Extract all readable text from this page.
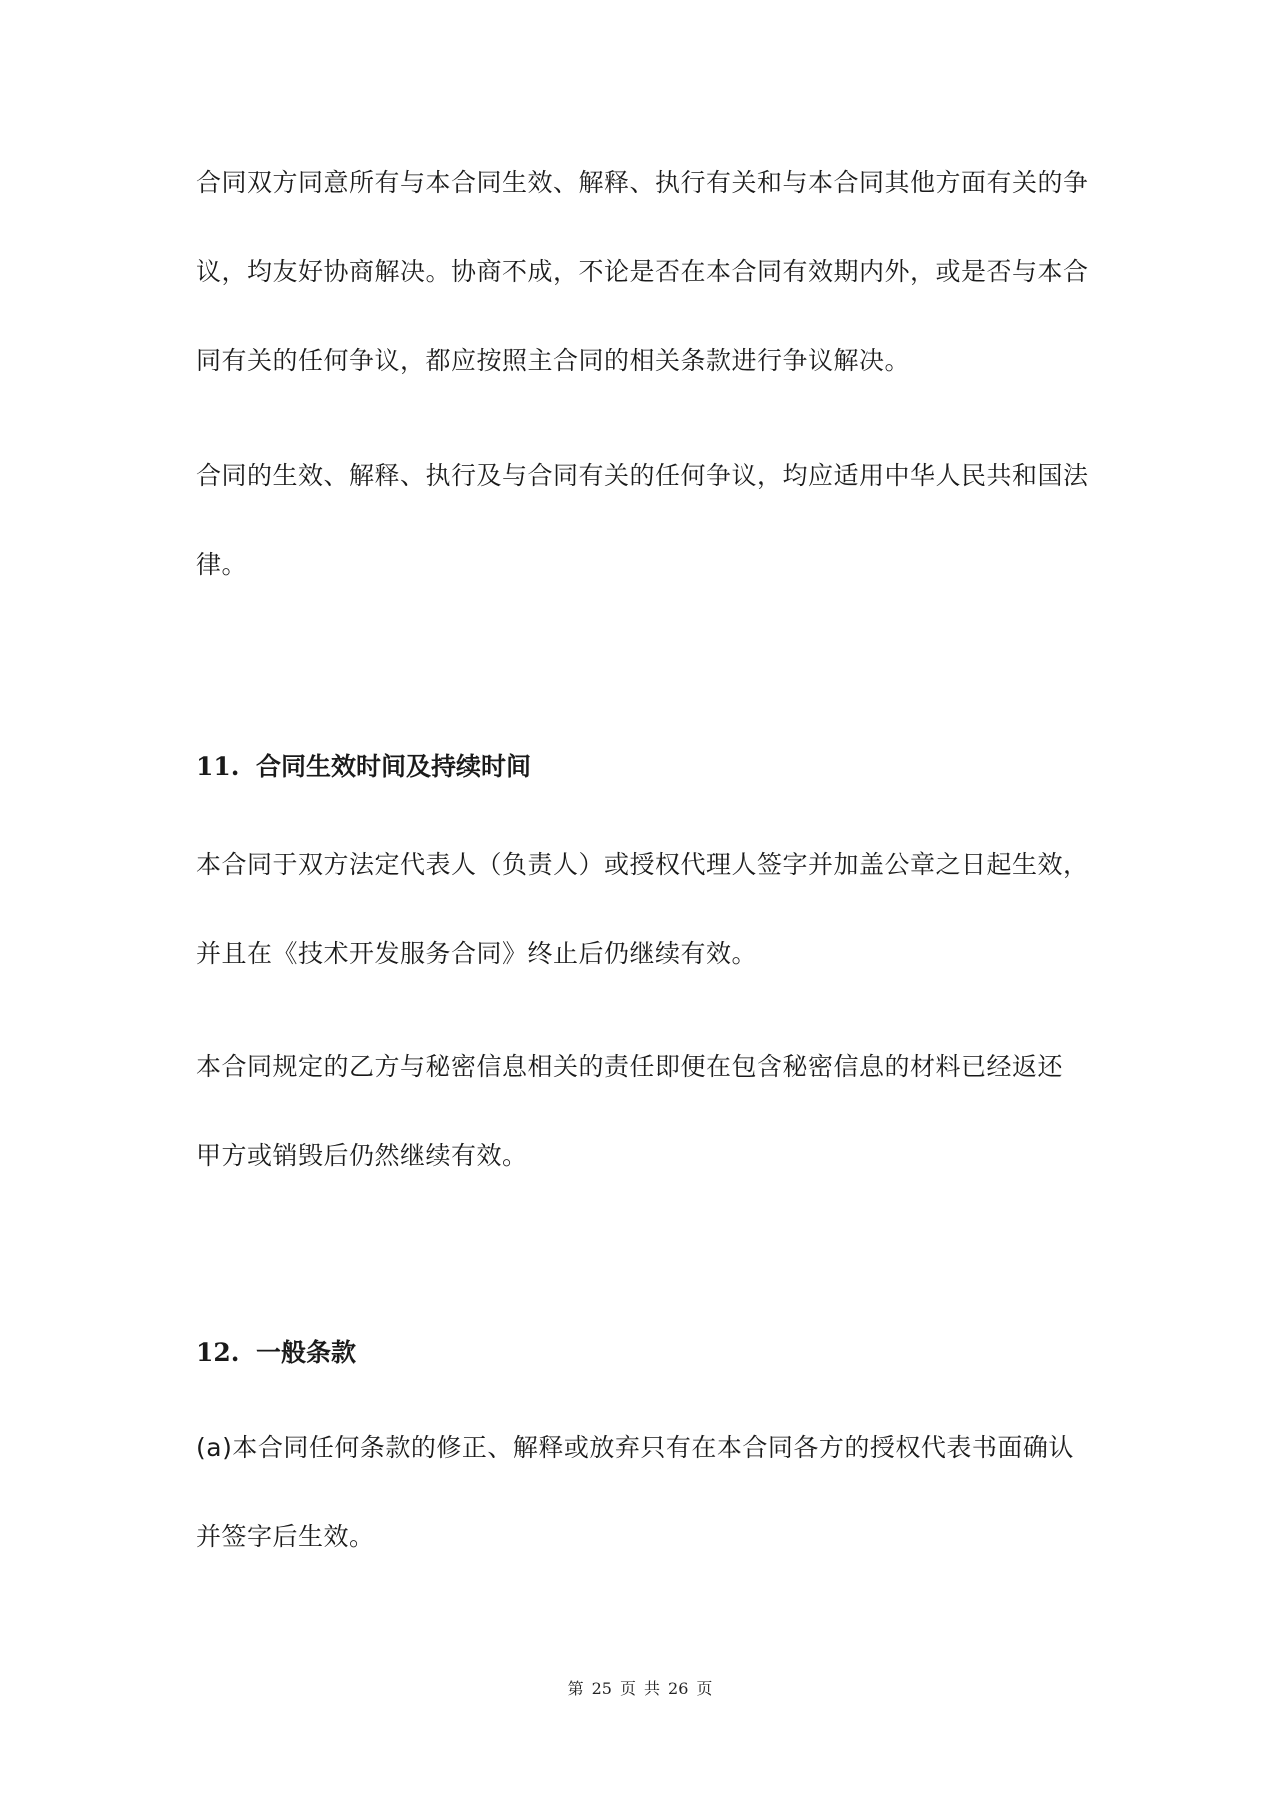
合同双方同意所有与本合同生效、解释、执行有关和与本合同其他方面有关的争
议，均友好协商解决。协商不成，不论是否在本合同有效期内外，或是否与本合
同有关的任何争议，都应按照主合同的相关条款进行争议解决。
合同的生效、解释、执行及与合同有关的任何争议，均应适用中华人民共和国法
律。
11. 合同生效时间及持续时间
本合同于双方法定代表人（负责人）或授权代理人签字并加盖公章之日起生效，
并且在《技术开发服务合同》终止后仍继续有效。
本合同规定的乙方与秘密信息相关的责任即便在包含秘密信息的材料已经返还
甲方或销毁后仍然继续有效。
12. 一般条款
(a)本合同任何条款的修正、解释或放弃只有在本合同各方的授权代表书面确认
并签字后生效。
第 25 页 共 26 页
